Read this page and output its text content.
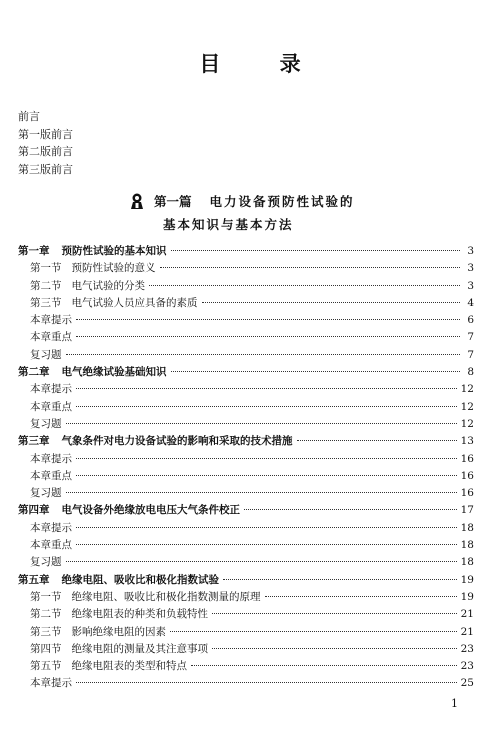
目 录
前言
第一版前言
第二版前言
第三版前言
第一篇 电力设备预防性试验的
基本知识与基本方法
第一章 预防性试验的基本知识	3
第一节 预防性试验的意义	3
第二节 电气试验的分类	3
第三节 电气试验人员应具备的素质	4
本章提示	6
本章重点	7
复习题	7
第二章 电气绝缘试验基础知识	8
本章提示	12
本章重点	12
复习题	12
第三章 气象条件对电力设备试验的影响和采取的技术措施	13
本章提示	16
本章重点	16
复习题	16
第四章 电气设备外绝缘放电电压大气条件校正	17
本章提示	18
本章重点	18
复习题	18
第五章 绝缘电阻、吸收比和极化指数试验	19
第一节 绝缘电阻、吸收比和极化指数测量的原理	19
第二节 绝缘电阻表的种类和负载特性	21
第三节 影响绝缘电阻的因素	21
第四节 绝缘电阻的测量及其注意事项	23
第五节 绝缘电阻表的类型和特点	23
本章提示	25
1
